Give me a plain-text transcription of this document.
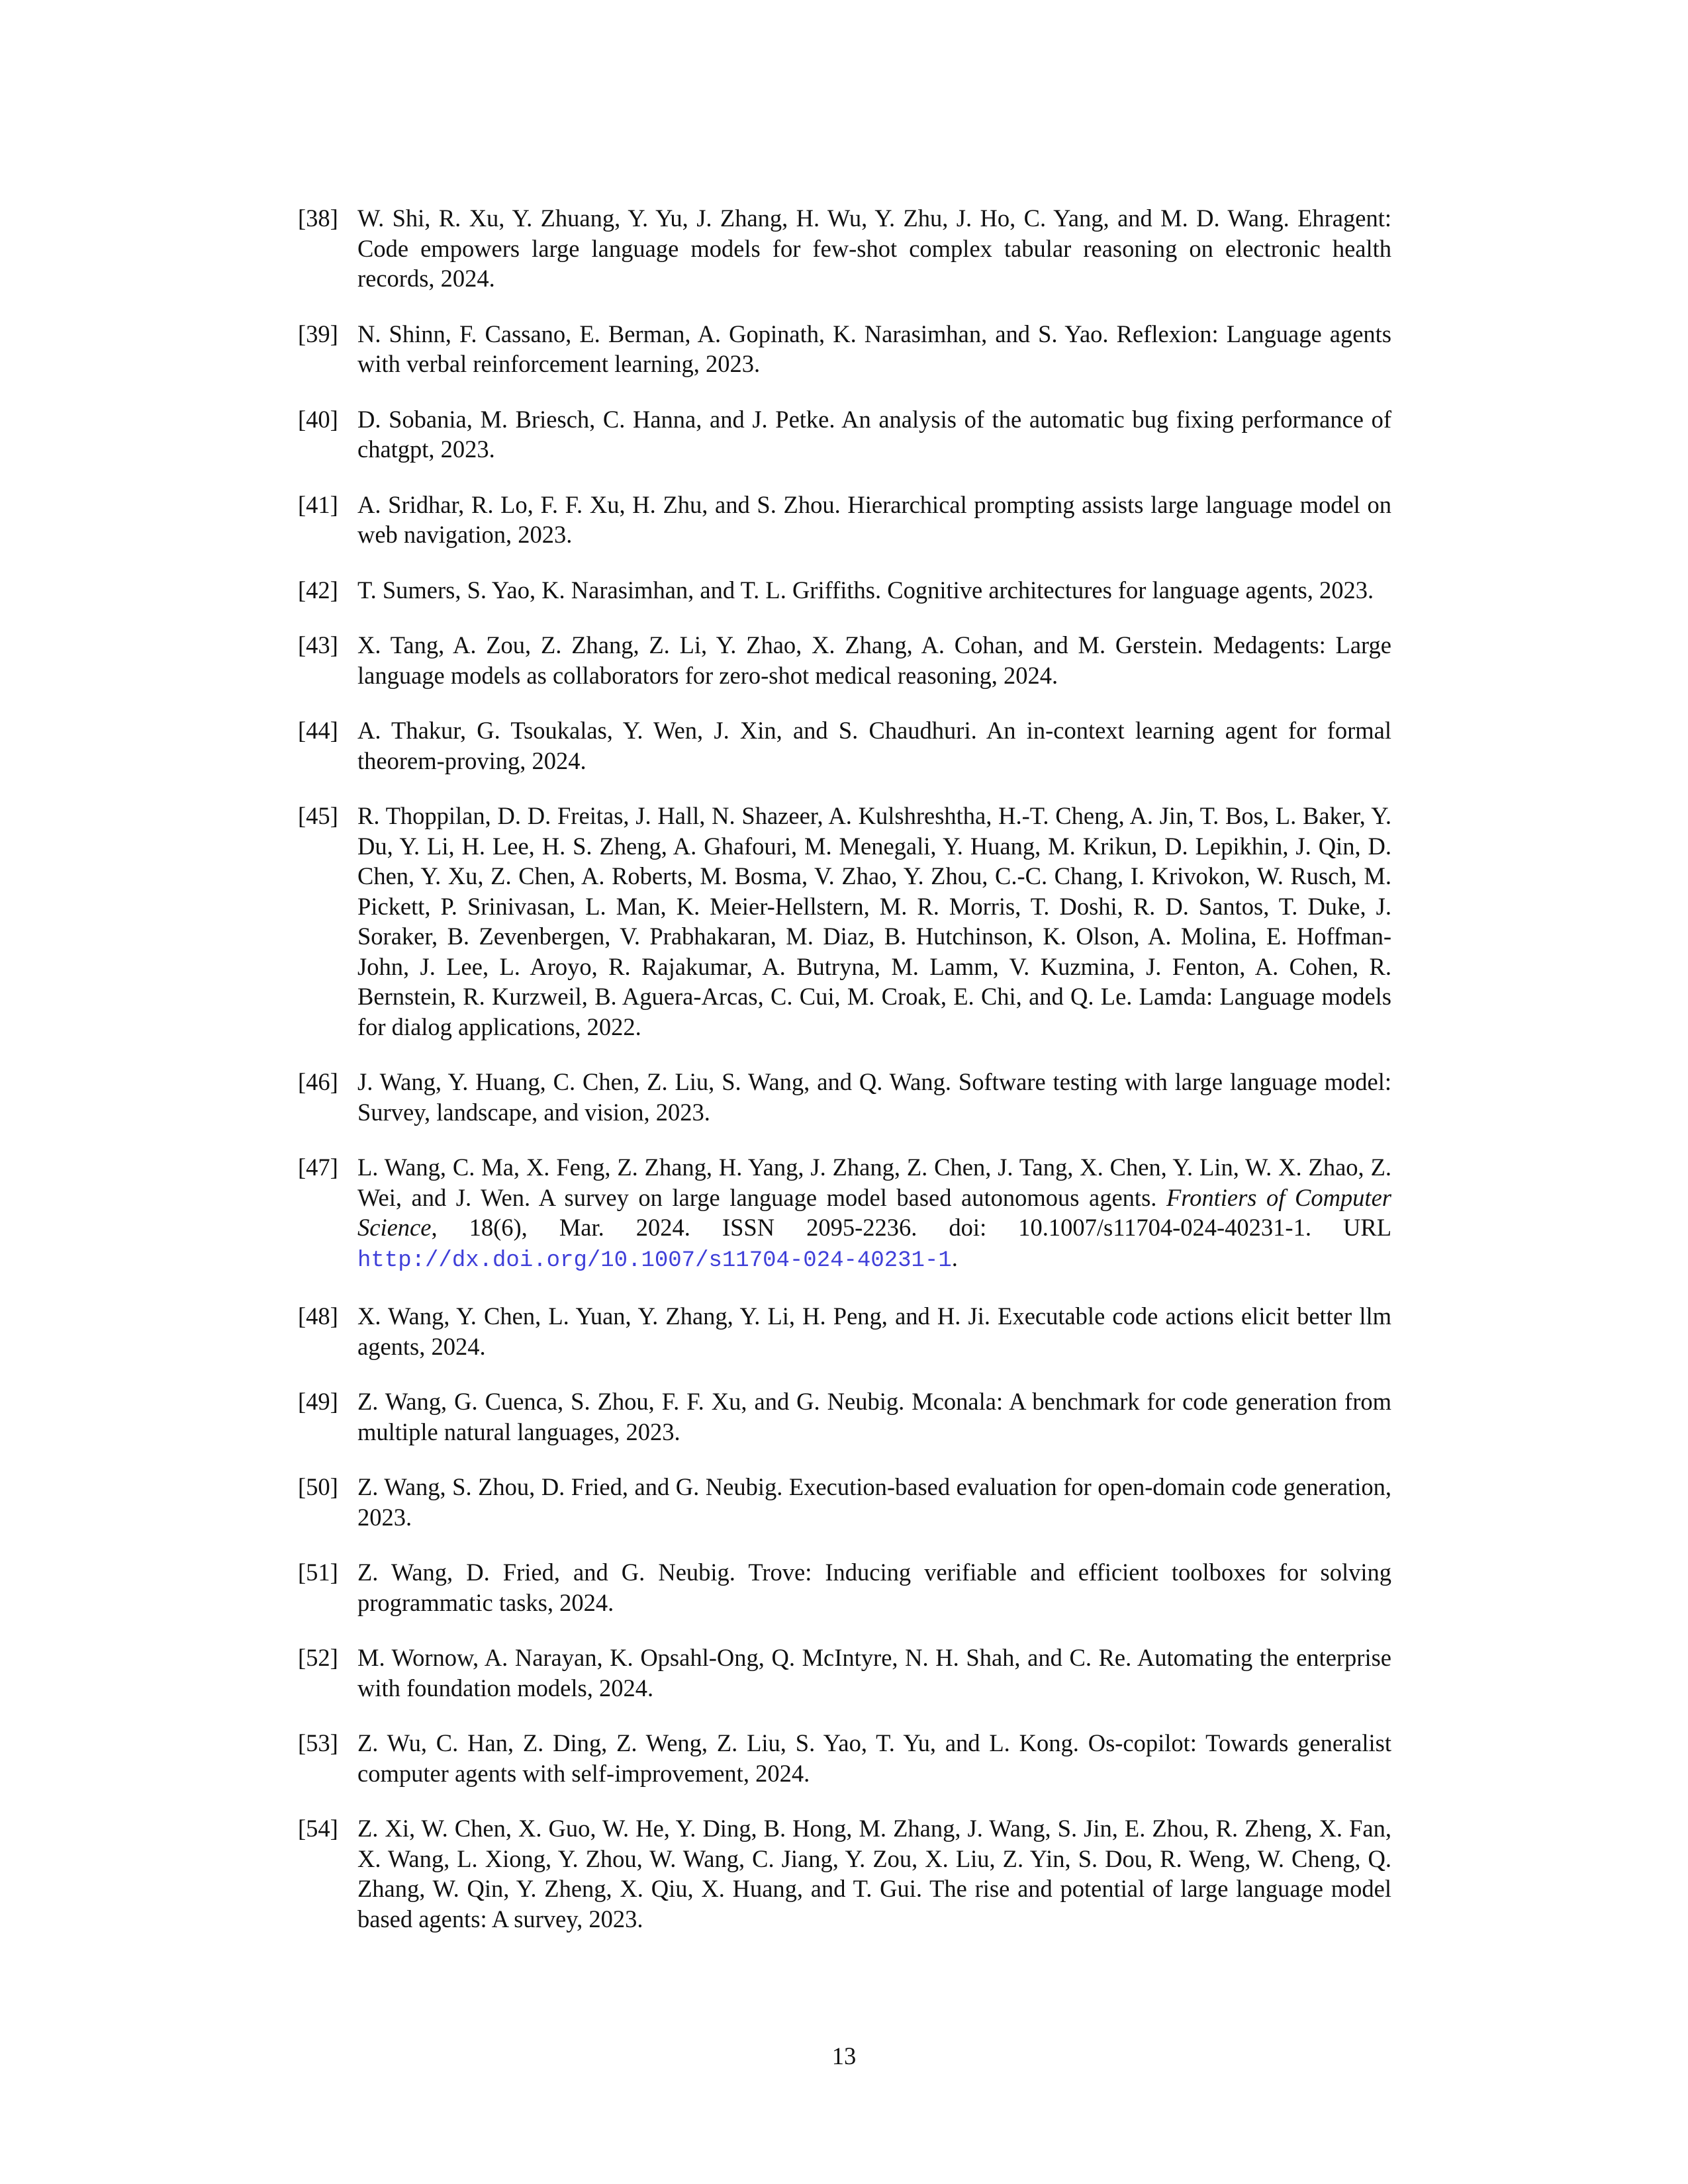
[38] W. Shi, R. Xu, Y. Zhuang, Y. Yu, J. Zhang, H. Wu, Y. Zhu, J. Ho, C. Yang, and M. D. Wang. Ehragent: Code empowers large language models for few-shot complex tabular reasoning on electronic health records, 2024.
[39] N. Shinn, F. Cassano, E. Berman, A. Gopinath, K. Narasimhan, and S. Yao. Reflexion: Language agents with verbal reinforcement learning, 2023.
[40] D. Sobania, M. Briesch, C. Hanna, and J. Petke. An analysis of the automatic bug fixing performance of chatgpt, 2023.
[41] A. Sridhar, R. Lo, F. F. Xu, H. Zhu, and S. Zhou. Hierarchical prompting assists large language model on web navigation, 2023.
[42] T. Sumers, S. Yao, K. Narasimhan, and T. L. Griffiths. Cognitive architectures for language agents, 2023.
[43] X. Tang, A. Zou, Z. Zhang, Z. Li, Y. Zhao, X. Zhang, A. Cohan, and M. Gerstein. Medagents: Large language models as collaborators for zero-shot medical reasoning, 2024.
[44] A. Thakur, G. Tsoukalas, Y. Wen, J. Xin, and S. Chaudhuri. An in-context learning agent for formal theorem-proving, 2024.
[45] R. Thoppilan, D. D. Freitas, J. Hall, N. Shazeer, A. Kulshreshtha, H.-T. Cheng, A. Jin, T. Bos, L. Baker, Y. Du, Y. Li, H. Lee, H. S. Zheng, A. Ghafouri, M. Menegali, Y. Huang, M. Krikun, D. Lepikhin, J. Qin, D. Chen, Y. Xu, Z. Chen, A. Roberts, M. Bosma, V. Zhao, Y. Zhou, C.-C. Chang, I. Krivokon, W. Rusch, M. Pickett, P. Srinivasan, L. Man, K. Meier-Hellstern, M. R. Morris, T. Doshi, R. D. Santos, T. Duke, J. Soraker, B. Zevenbergen, V. Prabhakaran, M. Diaz, B. Hutchinson, K. Olson, A. Molina, E. Hoffman-John, J. Lee, L. Aroyo, R. Rajakumar, A. Butryna, M. Lamm, V. Kuzmina, J. Fenton, A. Cohen, R. Bernstein, R. Kurzweil, B. Aguera-Arcas, C. Cui, M. Croak, E. Chi, and Q. Le. Lamda: Language models for dialog applications, 2022.
[46] J. Wang, Y. Huang, C. Chen, Z. Liu, S. Wang, and Q. Wang. Software testing with large language model: Survey, landscape, and vision, 2023.
[47] L. Wang, C. Ma, X. Feng, Z. Zhang, H. Yang, J. Zhang, Z. Chen, J. Tang, X. Chen, Y. Lin, W. X. Zhao, Z. Wei, and J. Wen. A survey on large language model based autonomous agents. Frontiers of Computer Science, 18(6), Mar. 2024. ISSN 2095-2236. doi: 10.1007/s11704-024-40231-1. URL http://dx.doi.org/10.1007/s11704-024-40231-1.
[48] X. Wang, Y. Chen, L. Yuan, Y. Zhang, Y. Li, H. Peng, and H. Ji. Executable code actions elicit better llm agents, 2024.
[49] Z. Wang, G. Cuenca, S. Zhou, F. F. Xu, and G. Neubig. Mconala: A benchmark for code generation from multiple natural languages, 2023.
[50] Z. Wang, S. Zhou, D. Fried, and G. Neubig. Execution-based evaluation for open-domain code generation, 2023.
[51] Z. Wang, D. Fried, and G. Neubig. Trove: Inducing verifiable and efficient toolboxes for solving programmatic tasks, 2024.
[52] M. Wornow, A. Narayan, K. Opsahl-Ong, Q. McIntyre, N. H. Shah, and C. Re. Automating the enterprise with foundation models, 2024.
[53] Z. Wu, C. Han, Z. Ding, Z. Weng, Z. Liu, S. Yao, T. Yu, and L. Kong. Os-copilot: Towards generalist computer agents with self-improvement, 2024.
[54] Z. Xi, W. Chen, X. Guo, W. He, Y. Ding, B. Hong, M. Zhang, J. Wang, S. Jin, E. Zhou, R. Zheng, X. Fan, X. Wang, L. Xiong, Y. Zhou, W. Wang, C. Jiang, Y. Zou, X. Liu, Z. Yin, S. Dou, R. Weng, W. Cheng, Q. Zhang, W. Qin, Y. Zheng, X. Qiu, X. Huang, and T. Gui. The rise and potential of large language model based agents: A survey, 2023.
13
